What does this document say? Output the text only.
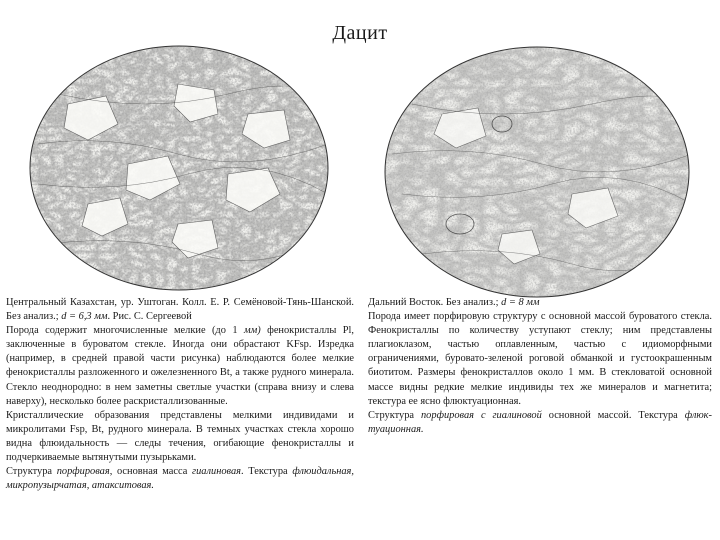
Дацит

Центральный Казахстан, ур. Уштоган. Колл. Е. Р. Семёновой-Тянь-Шанской. Без анализ.; d = 6,3 мм. Рис. С. Сергеевой
Порода содержит многочисленные мелкие (до 1 мм) фенокристаллы Pl, заключенные в буроватом стекле. Иногда они обрастают KFsp. Изредка (например, в средней правой части рисунка) наблюдаются более мелкие фенокристаллы разложенного и ожелезненного Bt, а также рудного минерала. Стекло неоднородно: в нем заметны светлые участки (справа внизу и слева наверху), несколько более раскристаллизованные.
Кристаллические образования представлены мелкими индивидами и микролитами Fsp, Bt, рудного минерала. В темных участках стекла хорошо видна флюидальность — следы течения, огибающие фенокристаллы и подчеркиваемые вытянутыми пузырьками.
Структура порфировая, основная масса гиалиновая. Текстура флюидальная, микропузырчатая, атакситовая.

Дальний Восток. Без анализ.; d = 8 мм
Порода имеет порфировую структуру с основной массой буроватого стекла. Фенокристаллы по количеству уступают стеклу; ним представлены плагиоклазом, частью оплавленным, частью с идиоморфными ограничениями, буровато-зеленой роговой обманкой и густоокрашенным биотитом. Размеры фенокристаллов около 1 мм. В стекловатой основной массе видны редкие мелкие индивиды тех же минералов и магнетита; текстура ее ясно флюктуационная.
Структура порфировая с гиалиновой основной массой. Текстура флюк-туационная.
